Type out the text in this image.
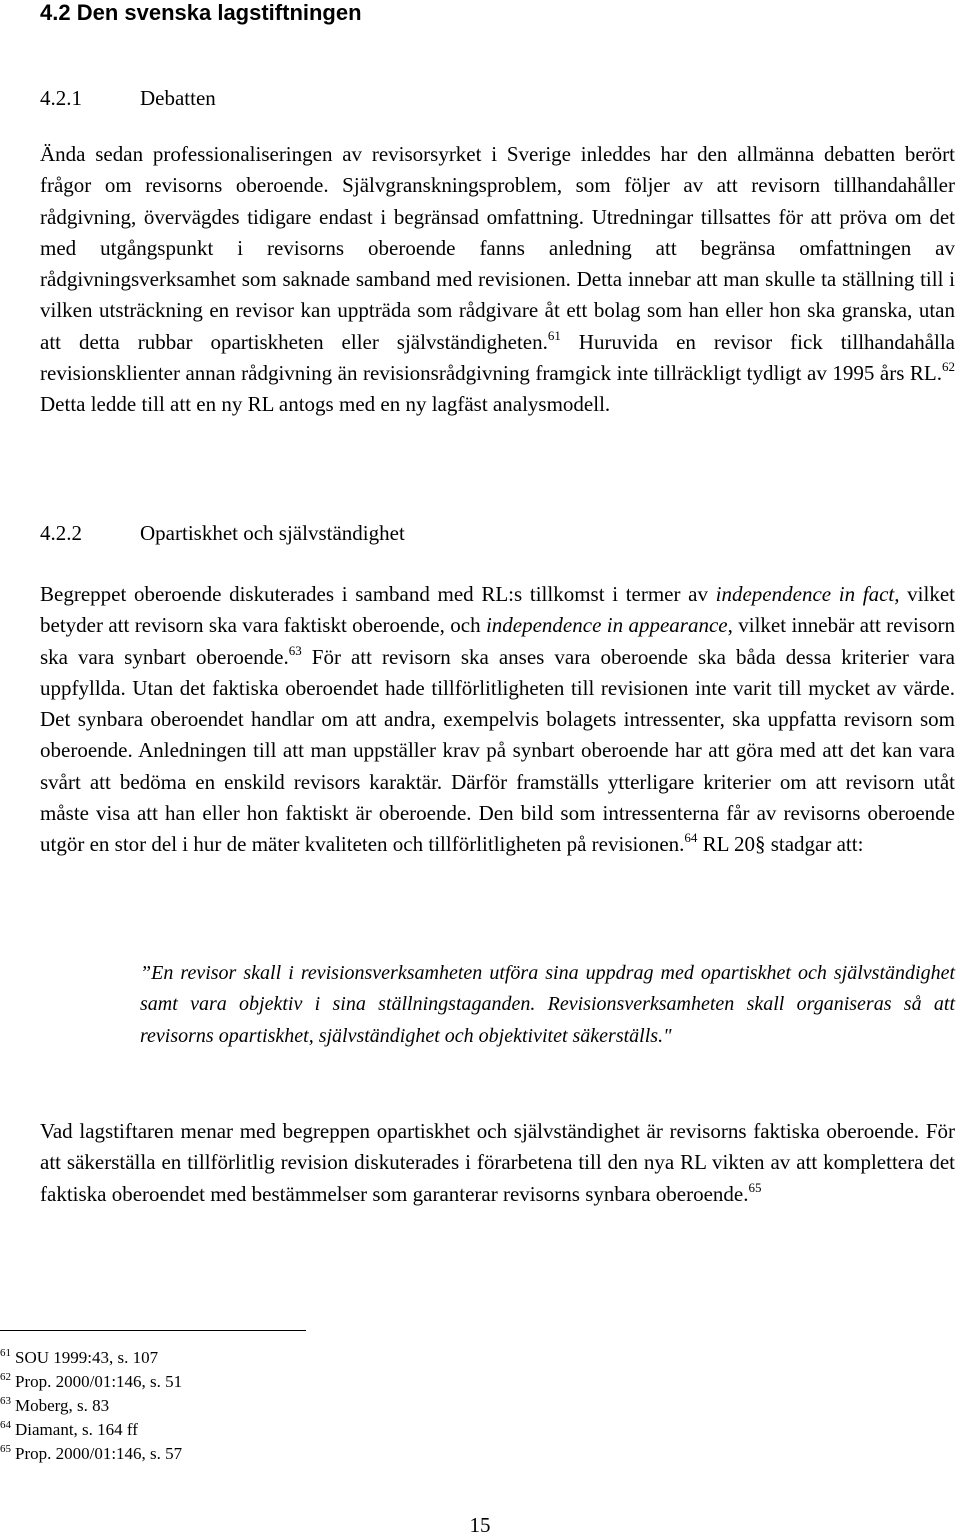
4.2 Den svenska lagstiftningen
4.2.1	Debatten
Ända sedan professionaliseringen av revisorsyrket i Sverige inleddes har den allmänna debatten berört frågor om revisorns oberoende. Självgranskningsproblem, som följer av att revisorn tillhandahåller rådgivning, övervägdes tidigare endast i begränsad omfattning. Utredningar tillsattes för att pröva om det med utgångspunkt i revisorns oberoende fanns anledning att begränsa omfattningen av rådgivningsverksamhet som saknade samband med revisionen. Detta innebar att man skulle ta ställning till i vilken utsträckning en revisor kan uppträda som rådgivare åt ett bolag som han eller hon ska granska, utan att detta rubbar opartiskheten eller självständigheten.$^{61}$ Huruvida en revisor fick tillhandahålla revisionsklienter annan rådgivning än revisionsrådgivning framgick inte tillräckligt tydligt av 1995 års RL.$^{62}$ Detta ledde till att en ny RL antogs med en ny lagfäst analysmodell.
4.2.2	Opartiskhet och självständighet
Begreppet oberoende diskuterades i samband med RL:s tillkomst i termer av independence in fact, vilket betyder att revisorn ska vara faktiskt oberoende, och independence in appearance, vilket innebär att revisorn ska vara synbart oberoende.$^{63}$ För att revisorn ska anses vara oberoende ska båda dessa kriterier vara uppfyllda. Utan det faktiska oberoendet hade tillförlitligheten till revisionen inte varit till mycket av värde. Det synbara oberoendet handlar om att andra, exempelvis bolagets intressenter, ska uppfatta revisorn som oberoende. Anledningen till att man uppställer krav på synbart oberoende har att göra med att det kan vara svårt att bedöma en enskild revisors karaktär. Därför framställs ytterligare kriterier om att revisorn utåt måste visa att han eller hon faktiskt är oberoende. Den bild som intressenterna får av revisorns oberoende utgör en stor del i hur de mäter kvaliteten och tillförlitligheten på revisionen.$^{64}$ RL 20§ stadgar att:
”En revisor skall i revisionsverksamheten utföra sina uppdrag med opartiskhet och självständighet samt vara objektiv i sina ställningstaganden. Revisionsverksamheten skall organiseras så att revisorns opartiskhet, självständighet och objektivitet säkerställs."
Vad lagstiftaren menar med begreppen opartiskhet och självständighet är revisorns faktiska oberoende. För att säkerställa en tillförlitlig revision diskuterades i förarbetena till den nya RL vikten av att komplettera det faktiska oberoendet med bestämmelser som garanterar revisorns synbara oberoende.$^{65}$
$^{61}$ SOU 1999:43, s. 107
$^{62}$ Prop. 2000/01:146, s. 51
$^{63}$ Moberg, s. 83
$^{64}$ Diamant, s. 164 ff
$^{65}$ Prop. 2000/01:146, s. 57
15
